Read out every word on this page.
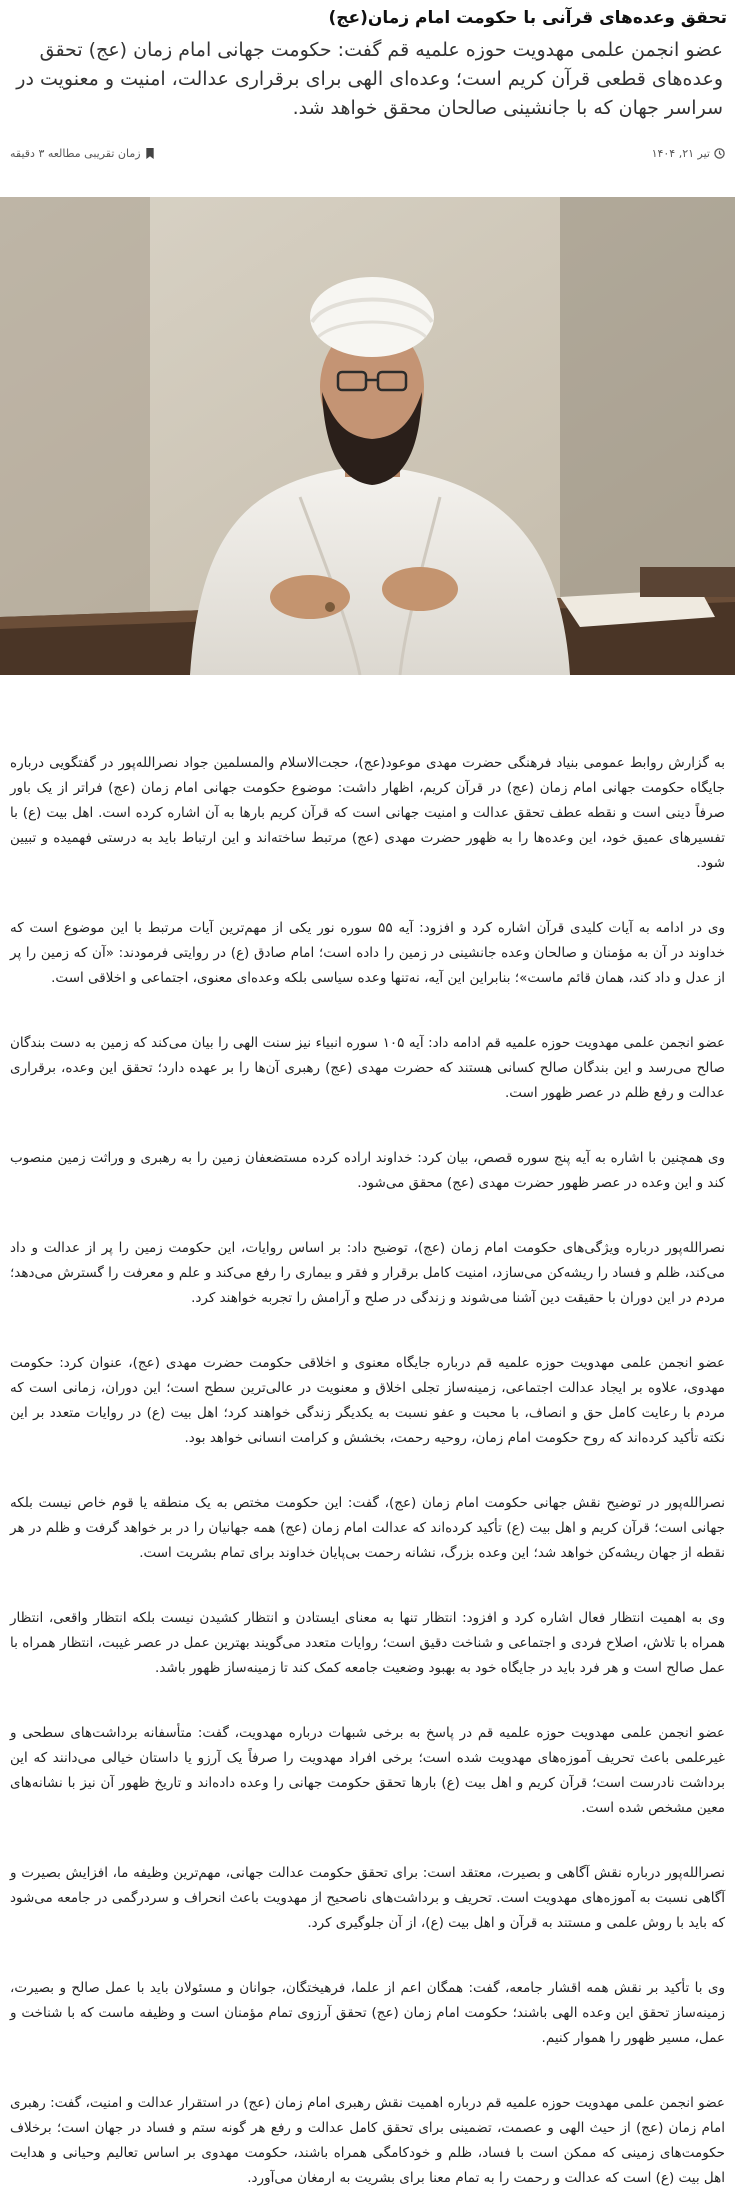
تحقق وعده‌های قرآنی با حکومت امام زمان(عج)

عضو انجمن علمی مهدویت حوزه علمیه قم گفت: حکومت جهانی امام زمان (عج) تحقق وعده‌های قطعی قرآن کریم است؛ وعده‌ای الهی برای برقراری عدالت، امنیت و معنویت در سراسر جهان که با جانشینی صالحان محقق خواهد شد.

تیر ۲۱, ۱۴۰۴
زمان تقریبی مطالعه ۳ دقیقه

به گزارش روابط عمومی بنیاد فرهنگی حضرت مهدی موعود(عج)، حجت‌الاسلام والمسلمین جواد نصرالله‌پور در گفتگویی درباره جایگاه حکومت جهانی امام زمان (عج) در قرآن کریم، اظهار داشت: موضوع حکومت جهانی امام زمان (عج) فراتر از یک باور صرفاً دینی است و نقطه عطف تحقق عدالت و امنیت جهانی است که قرآن کریم بارها به آن اشاره کرده است. اهل بیت (ع) با تفسیرهای عمیق خود، این وعده‌ها را به ظهور حضرت مهدی (عج) مرتبط ساخته‌اند و این ارتباط باید به درستی فهمیده و تبیین شود.

وی در ادامه به آیات کلیدی قرآن اشاره کرد و افزود: آیه ۵۵ سوره نور یکی از مهم‌ترین آیات مرتبط با این موضوع است که خداوند در آن به مؤمنان و صالحان وعده جانشینی در زمین را داده است؛ امام صادق (ع) در روایتی فرمودند: «آن که زمین را پر از عدل و داد کند، همان قائم ماست»؛ بنابراین این آیه، نه‌تنها وعده سیاسی بلکه وعده‌ای معنوی، اجتماعی و اخلاقی است.

عضو انجمن علمی مهدویت حوزه علمیه قم ادامه داد: آیه ۱۰۵ سوره انبیاء نیز سنت الهی را بیان می‌کند که زمین به دست بندگان صالح می‌رسد و این بندگان صالح کسانی هستند که حضرت مهدی (عج) رهبری آن‌ها را بر عهده دارد؛ تحقق این وعده، برقراری عدالت و رفع ظلم در عصر ظهور است.

وی همچنین با اشاره به آیه پنج سوره قصص، بیان کرد: خداوند اراده کرده مستضعفان زمین را به رهبری و وراثت زمین منصوب کند و این وعده در عصر ظهور حضرت مهدی (عج) محقق می‌شود.

نصرالله‌پور درباره ویژگی‌های حکومت امام زمان (عج)، توضیح داد: بر اساس روایات، این حکومت زمین را پر از عدالت و داد می‌کند، ظلم و فساد را ریشه‌کن می‌سازد، امنیت کامل برقرار و فقر و بیماری را رفع می‌کند و علم و معرفت را گسترش می‌دهد؛ مردم در این دوران با حقیقت دین آشنا می‌شوند و زندگی در صلح و آرامش را تجربه خواهند کرد.

عضو انجمن علمی مهدویت حوزه علمیه قم درباره جایگاه معنوی و اخلاقی حکومت حضرت مهدی (عج)، عنوان کرد: حکومت مهدوی، علاوه بر ایجاد عدالت اجتماعی، زمینه‌ساز تجلی اخلاق و معنویت در عالی‌ترین سطح است؛ این دوران، زمانی است که مردم با رعایت کامل حق و انصاف، با محبت و عفو نسبت به یکدیگر زندگی خواهند کرد؛ اهل بیت (ع) در روایات متعدد بر این نکته تأکید کرده‌اند که روح حکومت امام زمان، روحیه رحمت، بخشش و کرامت انسانی خواهد بود.

نصرالله‌پور در توضیح نقش جهانی حکومت امام زمان (عج)، گفت: این حکومت مختص به یک منطقه یا قوم خاص نیست بلکه جهانی است؛ قرآن کریم و اهل بیت (ع) تأکید کرده‌اند که عدالت امام زمان (عج) همه جهانیان را در بر خواهد گرفت و ظلم در هر نقطه از جهان ریشه‌کن خواهد شد؛ این وعده بزرگ، نشانه رحمت بی‌پایان خداوند برای تمام بشریت است.

وی به اهمیت انتظار فعال اشاره کرد و افزود: انتظار تنها به معنای ایستادن و انتظار کشیدن نیست بلکه انتظار واقعی، انتظار همراه با تلاش، اصلاح فردی و اجتماعی و شناخت دقیق است؛ روایات متعدد می‌گویند بهترین عمل در عصر غیبت، انتظار همراه با عمل صالح است و هر فرد باید در جایگاه خود به بهبود وضعیت جامعه کمک کند تا زمینه‌ساز ظهور باشد.

عضو انجمن علمی مهدویت حوزه علمیه قم در پاسخ به برخی شبهات درباره مهدویت، گفت: متأسفانه برداشت‌های سطحی و غیرعلمی باعث تحریف آموزه‌های مهدویت شده است؛ برخی افراد مهدویت را صرفاً یک آرزو یا داستان خیالی می‌دانند که این برداشت نادرست است؛ قرآن کریم و اهل بیت (ع) بارها تحقق حکومت جهانی را وعده داده‌اند و تاریخ ظهور آن نیز با نشانه‌های معین مشخص شده است.

نصرالله‌پور درباره نقش آگاهی و بصیرت، معتقد است: برای تحقق حکومت عدالت جهانی، مهم‌ترین وظیفه ما، افزایش بصیرت و آگاهی نسبت به آموزه‌های مهدویت است. تحریف و برداشت‌های ناصحیح از مهدویت باعث انحراف و سردرگمی در جامعه می‌شود که باید با روش علمی و مستند به قرآن و اهل بیت (ع)، از آن جلوگیری کرد.

وی با تأکید بر نقش همه اقشار جامعه، گفت: همگان اعم از علما، فرهیختگان، جوانان و مسئولان باید با عمل صالح و بصیرت، زمینه‌ساز تحقق این وعده الهی باشند؛ حکومت امام زمان (عج) تحقق آرزوی تمام مؤمنان است و وظیفه ماست که با شناخت و عمل، مسیر ظهور را هموار کنیم.

عضو انجمن علمی مهدویت حوزه علمیه قم درباره اهمیت نقش رهبری امام زمان (عج) در استقرار عدالت و امنیت، گفت: رهبری امام زمان (عج) از حیث الهی و عصمت، تضمینی برای تحقق کامل عدالت و رفع هر گونه ستم و فساد در جهان است؛ برخلاف حکومت‌های زمینی که ممکن است با فساد، ظلم و خودکامگی همراه باشند، حکومت مهدوی بر اساس تعالیم وحیانی و هدایت اهل بیت (ع) است که عدالت و رحمت را به تمام معنا برای بشریت به ارمغان می‌آورد.
